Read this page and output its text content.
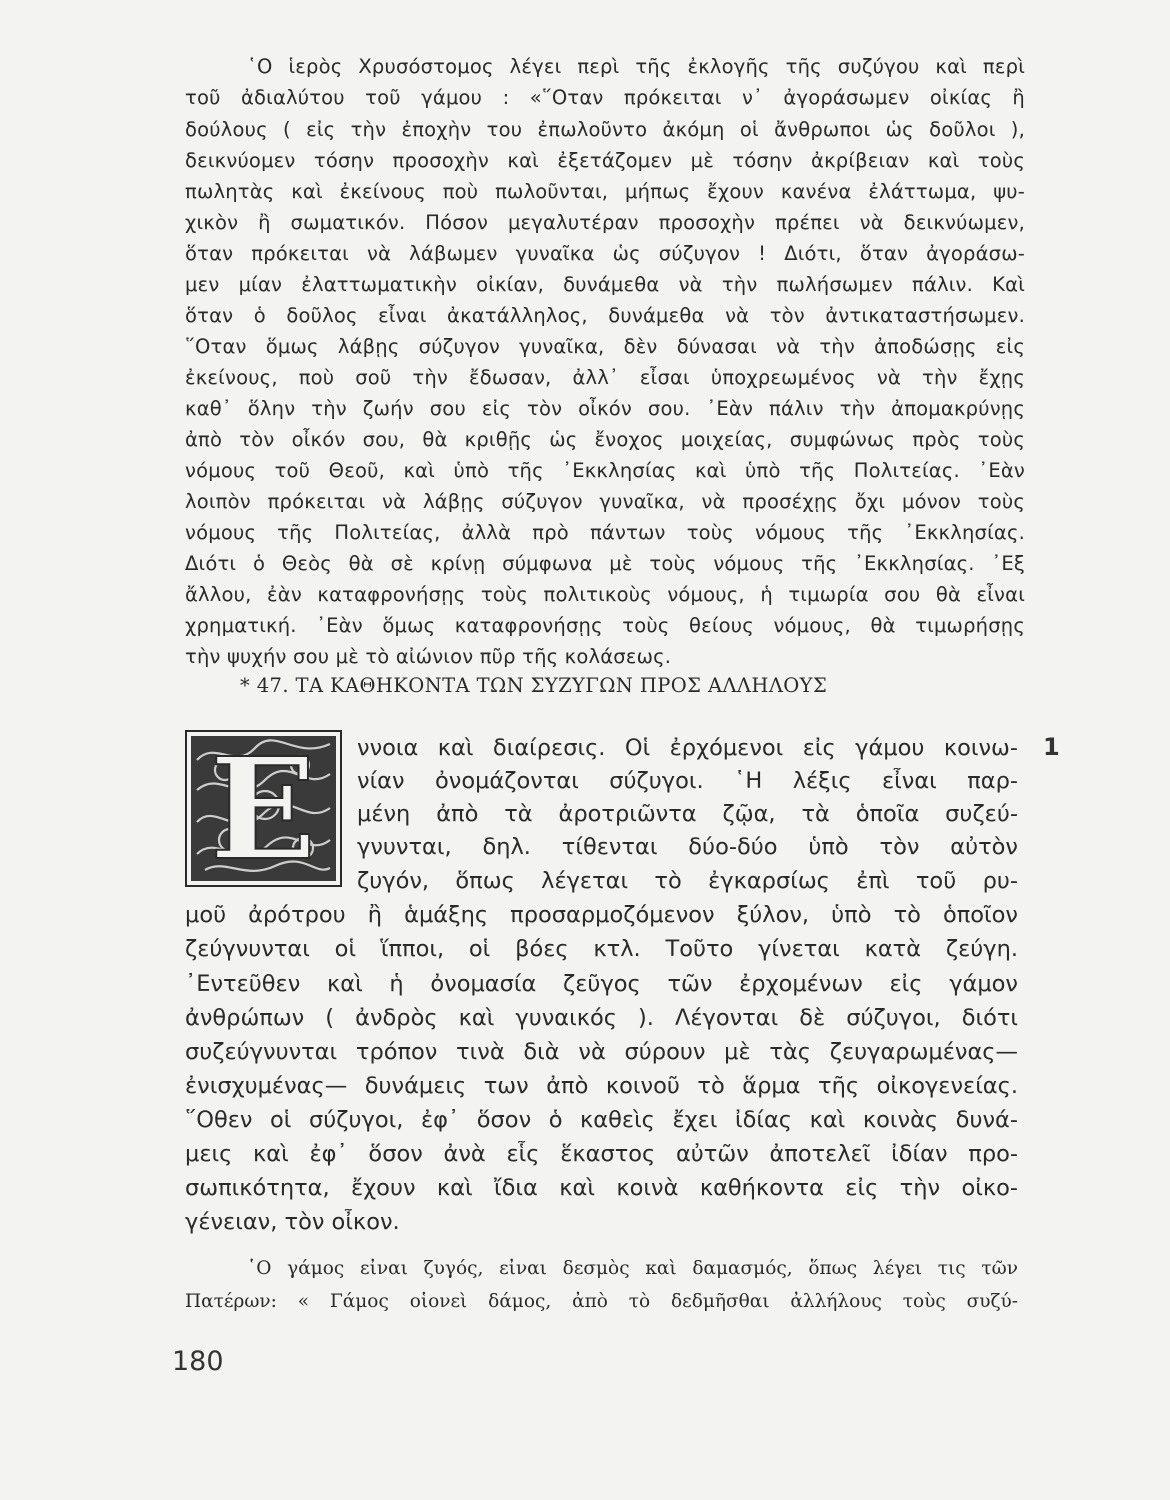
῾Ο ἱερὸς Χρυσόστομος λέγει περὶ τῆς ἐκλογῆς τῆς συζύγου καὶ περὶ
τοῦ ἀδιαλύτου τοῦ γάμου : «῞Οταν πρόκειται ν᾿ ἀγοράσωμεν οἰκίας ἢ
δούλους ( εἰς τὴν ἐποχὴν του ἐπωλοῦντο ἀκόμη οἱ ἄνθρωποι ὡς δοῦλοι ),
δεικνύομεν τόσην προσοχὴν καὶ ἐξετάζομεν μὲ τόσην ἀκρίβειαν καὶ τοὺς
πωλητὰς καὶ ἐκείνους ποὺ πωλοῦνται, μήπως ἔχουν κανένα ἐλάττωμα, ψυ-
χικὸν ἢ σωματικόν. Πόσον μεγαλυτέραν προσοχὴν πρέπει νὰ δεικνύωμεν,
ὅταν πρόκειται νὰ λάβωμεν γυναῖκα ὡς σύζυγον ! Διότι, ὅταν ἀγοράσω-
μεν μίαν ἐλαττωματικὴν οἰκίαν, δυνάμεθα νὰ τὴν πωλήσωμεν πάλιν. Καὶ
ὅταν ὁ δοῦλος εἶναι ἀκατάλληλος, δυνάμεθα νὰ τὸν ἀντικαταστήσωμεν.
῞Οταν ὅμως λάβῃς σύζυγον γυναῖκα, δὲν δύνασαι νὰ τὴν ἀποδώσῃς εἰς
ἐκείνους, ποὺ σοῦ τὴν ἔδωσαν, ἀλλ᾿ εἶσαι ὑποχρεωμένος νὰ τὴν ἔχῃς
καθ᾿ ὅλην τὴν ζωήν σου εἰς τὸν οἶκόν σου. ᾿Εὰν πάλιν τὴν ἀπομακρύνῃς
ἀπὸ τὸν οἶκόν σου, θὰ κριθῇς ὡς ἔνοχος μοιχείας, συμφώνως πρὸς τοὺς
νόμους τοῦ Θεοῦ, καὶ ὑπὸ τῆς ᾿Εκκλησίας καὶ ὑπὸ τῆς Πολιτείας. ᾿Εὰν
λοιπὸν πρόκειται νὰ λάβῃς σύζυγον γυναῖκα, νὰ προσέχῃς ὄχι μόνον τοὺς
νόμους τῆς Πολιτείας, ἀλλὰ πρὸ πάντων τοὺς νόμους τῆς ᾿Εκκλησίας.
Διότι ὁ Θεὸς θὰ σὲ κρίνῃ σύμφωνα μὲ τοὺς νόμους τῆς ᾿Εκκλησίας. ᾿Εξ
ἄλλου, ἐὰν καταφρονήσῃς τοὺς πολιτικοὺς νόμους, ἡ τιμωρία σου θὰ εἶναι
χρηματική. ᾿Εὰν ὅμως καταφρονήσῃς τοὺς θείους νόμους, θὰ τιμωρήσῃς
τὴν ψυχήν σου μὲ τὸ αἰώνιον πῦρ τῆς κολάσεως.
* 47. ΤΑ ΚΑΘΗΚΟΝΤΑ ΤΩΝ ΣΥΖΥΓΩΝ ΠΡΟΣ ΑΛΛΗΛΟΥΣ
E ννοια καὶ διαίρεσις. Οἱ ἐρχόμενοι εἰς γάμου κοινω-
νίαν ὀνομάζονται σύζυγοι. ῾Η λέξις εἶναι παρ-
μένη ἀπὸ τὰ ἀροτριῶντα ζῷα, τὰ ὁποῖα συζεύ-
γνυνται, δηλ. τίθενται δύο-δύο ὑπὸ τὸν αὐτὸν
ζυγόν, ὅπως λέγεται τὸ ἐγκαρσίως ἐπὶ τοῦ ρυ-
μοῦ ἀρότρου ἢ ἁμάξης προσαρμοζόμενον ξύλον, ὑπὸ τὸ ὁποῖον
ζεύγνυνται οἱ ἵπποι, οἱ βόες κτλ. Τοῦτο γίνεται κατὰ ζεύγη.
᾿Εντεῦθεν καὶ ἡ ὀνομασία ζεῦγος τῶν ἐρχομένων εἰς γάμον
ἀνθρώπων ( ἀνδρὸς καὶ γυναικός ). Λέγονται δὲ σύζυγοι, διότι
συζεύγνυνται τρόπον τινὰ διὰ νὰ σύρουν μὲ τὰς ζευγαρωμένας—
ἐνισχυμένας— δυνάμεις των ἀπὸ κοινοῦ τὸ ἅρμα τῆς οἰκογενείας.
῞Οθεν οἱ σύζυγοι, ἐφ᾿ ὅσον ὁ καθεὶς ἔχει ἰδίας καὶ κοινὰς δυνά-
μεις καὶ ἐφ᾿ ὅσον ἀνὰ εἷς ἕκαστος αὐτῶν ἀποτελεῖ ἰδίαν προ-
σωπικότητα, ἔχουν καὶ ἴδια καὶ κοινὰ καθήκοντα εἰς τὴν οἰκο-
γένειαν, τὸν οἶκον.
1
῾Ο γάμος εἶναι ζυγός, εἶναι δεσμὸς καὶ δαμασμός, ὅπως λέγει τις τῶν
Πατέρων: « Γάμος οἱονεὶ δάμος, ἀπὸ τὸ δεδμῆσθαι ἀλλήλους τοὺς συζύ-
180
